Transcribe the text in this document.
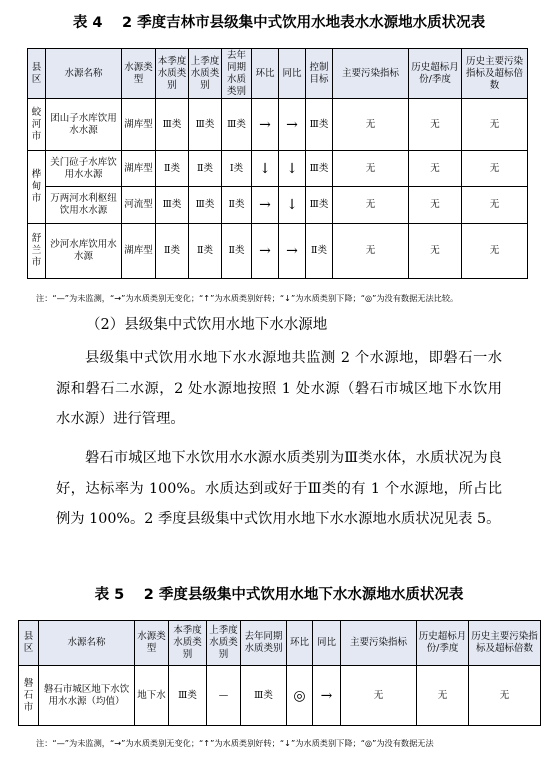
表 4　 2 季度吉林市县级集中式饮用水地表水水源地水质状况表
县区	水源名称	水源类型	本季度水质类别	上季度水质类别	去年同期水质类别	环比	同比	控制目标	主要污染指标	历史超标月份/季度	历史主要污染指标及超标倍数
蛟河市	团山子水库饮用水水源	湖库型	Ⅲ类	Ⅲ类	Ⅲ类	→	→	Ⅲ类	无	无	无
桦甸市	关门砬子水库饮用水水源	湖库型	Ⅱ类	Ⅱ类	Ⅰ类	↓	↓	Ⅲ类	无	无	无
	万两河水利枢纽饮用水水源	河流型	Ⅲ类	Ⅲ类	Ⅱ类	→	↓	Ⅲ类	无	无	无
舒兰市	沙河水库饮用水水源	湖库型	Ⅱ类	Ⅱ类	Ⅱ类	→	→	Ⅱ类	无	无	无
注：“—”为未监测，“→”为水质类别无变化；“↑”为水质类别好转；“↓”为水质类别下降；“◎”为没有数据无法比较。
（2）县级集中式饮用水地下水水源地

县级集中式饮用水地下水水源地共监测 2 个水源地，即磐石一水源和磐石二水源，2 处水源地按照 1 处水源（磐石市城区地下水饮用水水源）进行管理。

磐石市城区地下水饮用水水源水质类别为Ⅲ类水体，水质状况为良好，达标率为 100%。水质达到或好于Ⅲ类的有 1 个水源地，所占比例为 100%。2 季度县级集中式饮用水地下水水源地水质状况见表 5。

表 5　 2 季度县级集中式饮用水地下水水源地水质状况表
县区	水源名称	水源类型	本季度水质类别	上季度水质类别	去年同期水质类别	环比	同比	主要污染指标	历史超标月份/季度	历史主要污染指标及超标倍数
磐石市	磐石市城区地下水饮用水水源（均值）	地下水	Ⅲ类	—	Ⅲ类	◎	→	无	无	无
注：“—”为未监测，“→”为水质类别无变化；“↑”为水质类别好转；“↓”为水质类别下降；“◎”为没有数据无法
